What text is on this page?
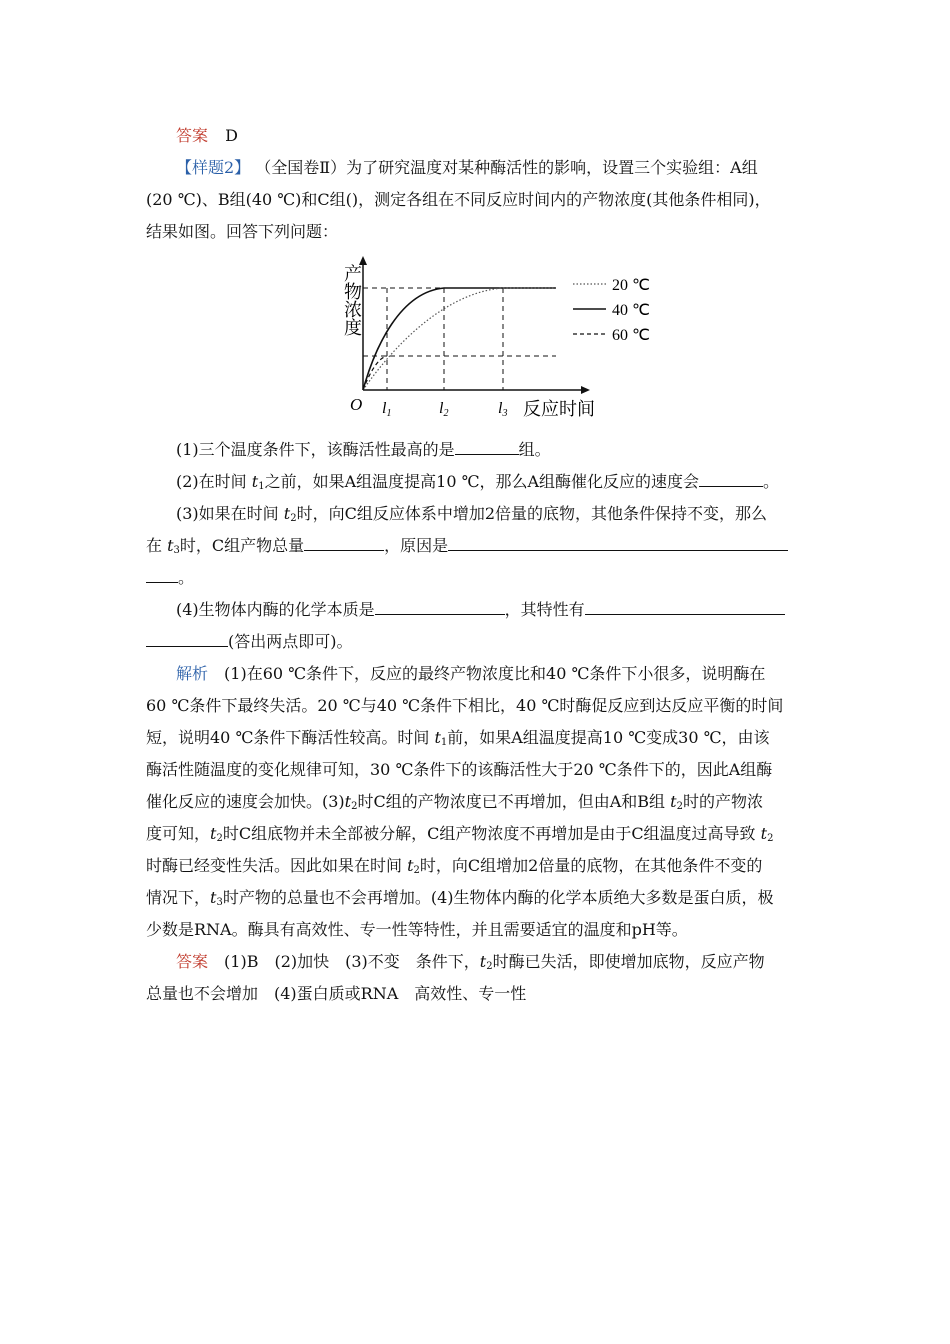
答案 D
【样题2】 （全国卷Ⅱ）为了研究温度对某种酶活性的影响，设置三个实验组：A组
(20 ℃)、B组(40 ℃)和C组()，测定各组在不同反应时间内的产物浓度(其他条件相同)，
结果如图。回答下列问题：
产物浓度
O l1	l2	l3 反应时间
20 ℃
40 ℃
60 ℃
(1)三个温度条件下，该酶活性最高的是	组。
(2)在时间 $t_1$之前，如果A组温度提高10 ℃，那么A组酶催化反应的速度会	。
(3)如果在时间 $t_2$时，向C组反应体系中增加2倍量的底物，其他条件保持不变，那么
在 $t_3$时，C组产物总量	，原因是
。
(4)生物体内酶的化学本质是	，其特性有
(答出两点即可)。
解析　 (1)在60 ℃条件下，反应的最终产物浓度比和40 ℃条件下小很多，说明酶在
60 ℃条件下最终失活。20 ℃与40 ℃条件下相比，40 ℃时酶促反应到达反应平衡的时间
短，说明40 ℃条件下酶活性较高。时间 $t_1$前，如果A组温度提高10 ℃变成30 ℃，由该
酶活性随温度的变化规律可知，30 ℃条件下的该酶活性大于20 ℃条件下的，因此A组酶
催化反应的速度会加快。$(3)t_2$时C组的产物浓度已不再增加，但由A和B组 $t_2$时的产物浓
度可知，$t_2$时C组底物并未全部被分解，C组产物浓度不再增加是由于C组温度过高导致 $t_2$
时酶已经变性失活。因此如果在时间 $t_2$时，向C组增加2倍量的底物，在其他条件不变的
情况下，$t_3$时产物的总量也不会再增加。(4)生物体内酶的化学本质绝大多数是蛋白质，极
少数是RNA。酶具有高效性、专一性等特性，并且需要适宜的温度和pH等。
答案　 (1)B　(2)加快　(3)不变　条件下，$t_2$时酶已失活，即使增加底物，反应产物
总量也不会增加　(4)蛋白质或RNA　高效性、专一性
